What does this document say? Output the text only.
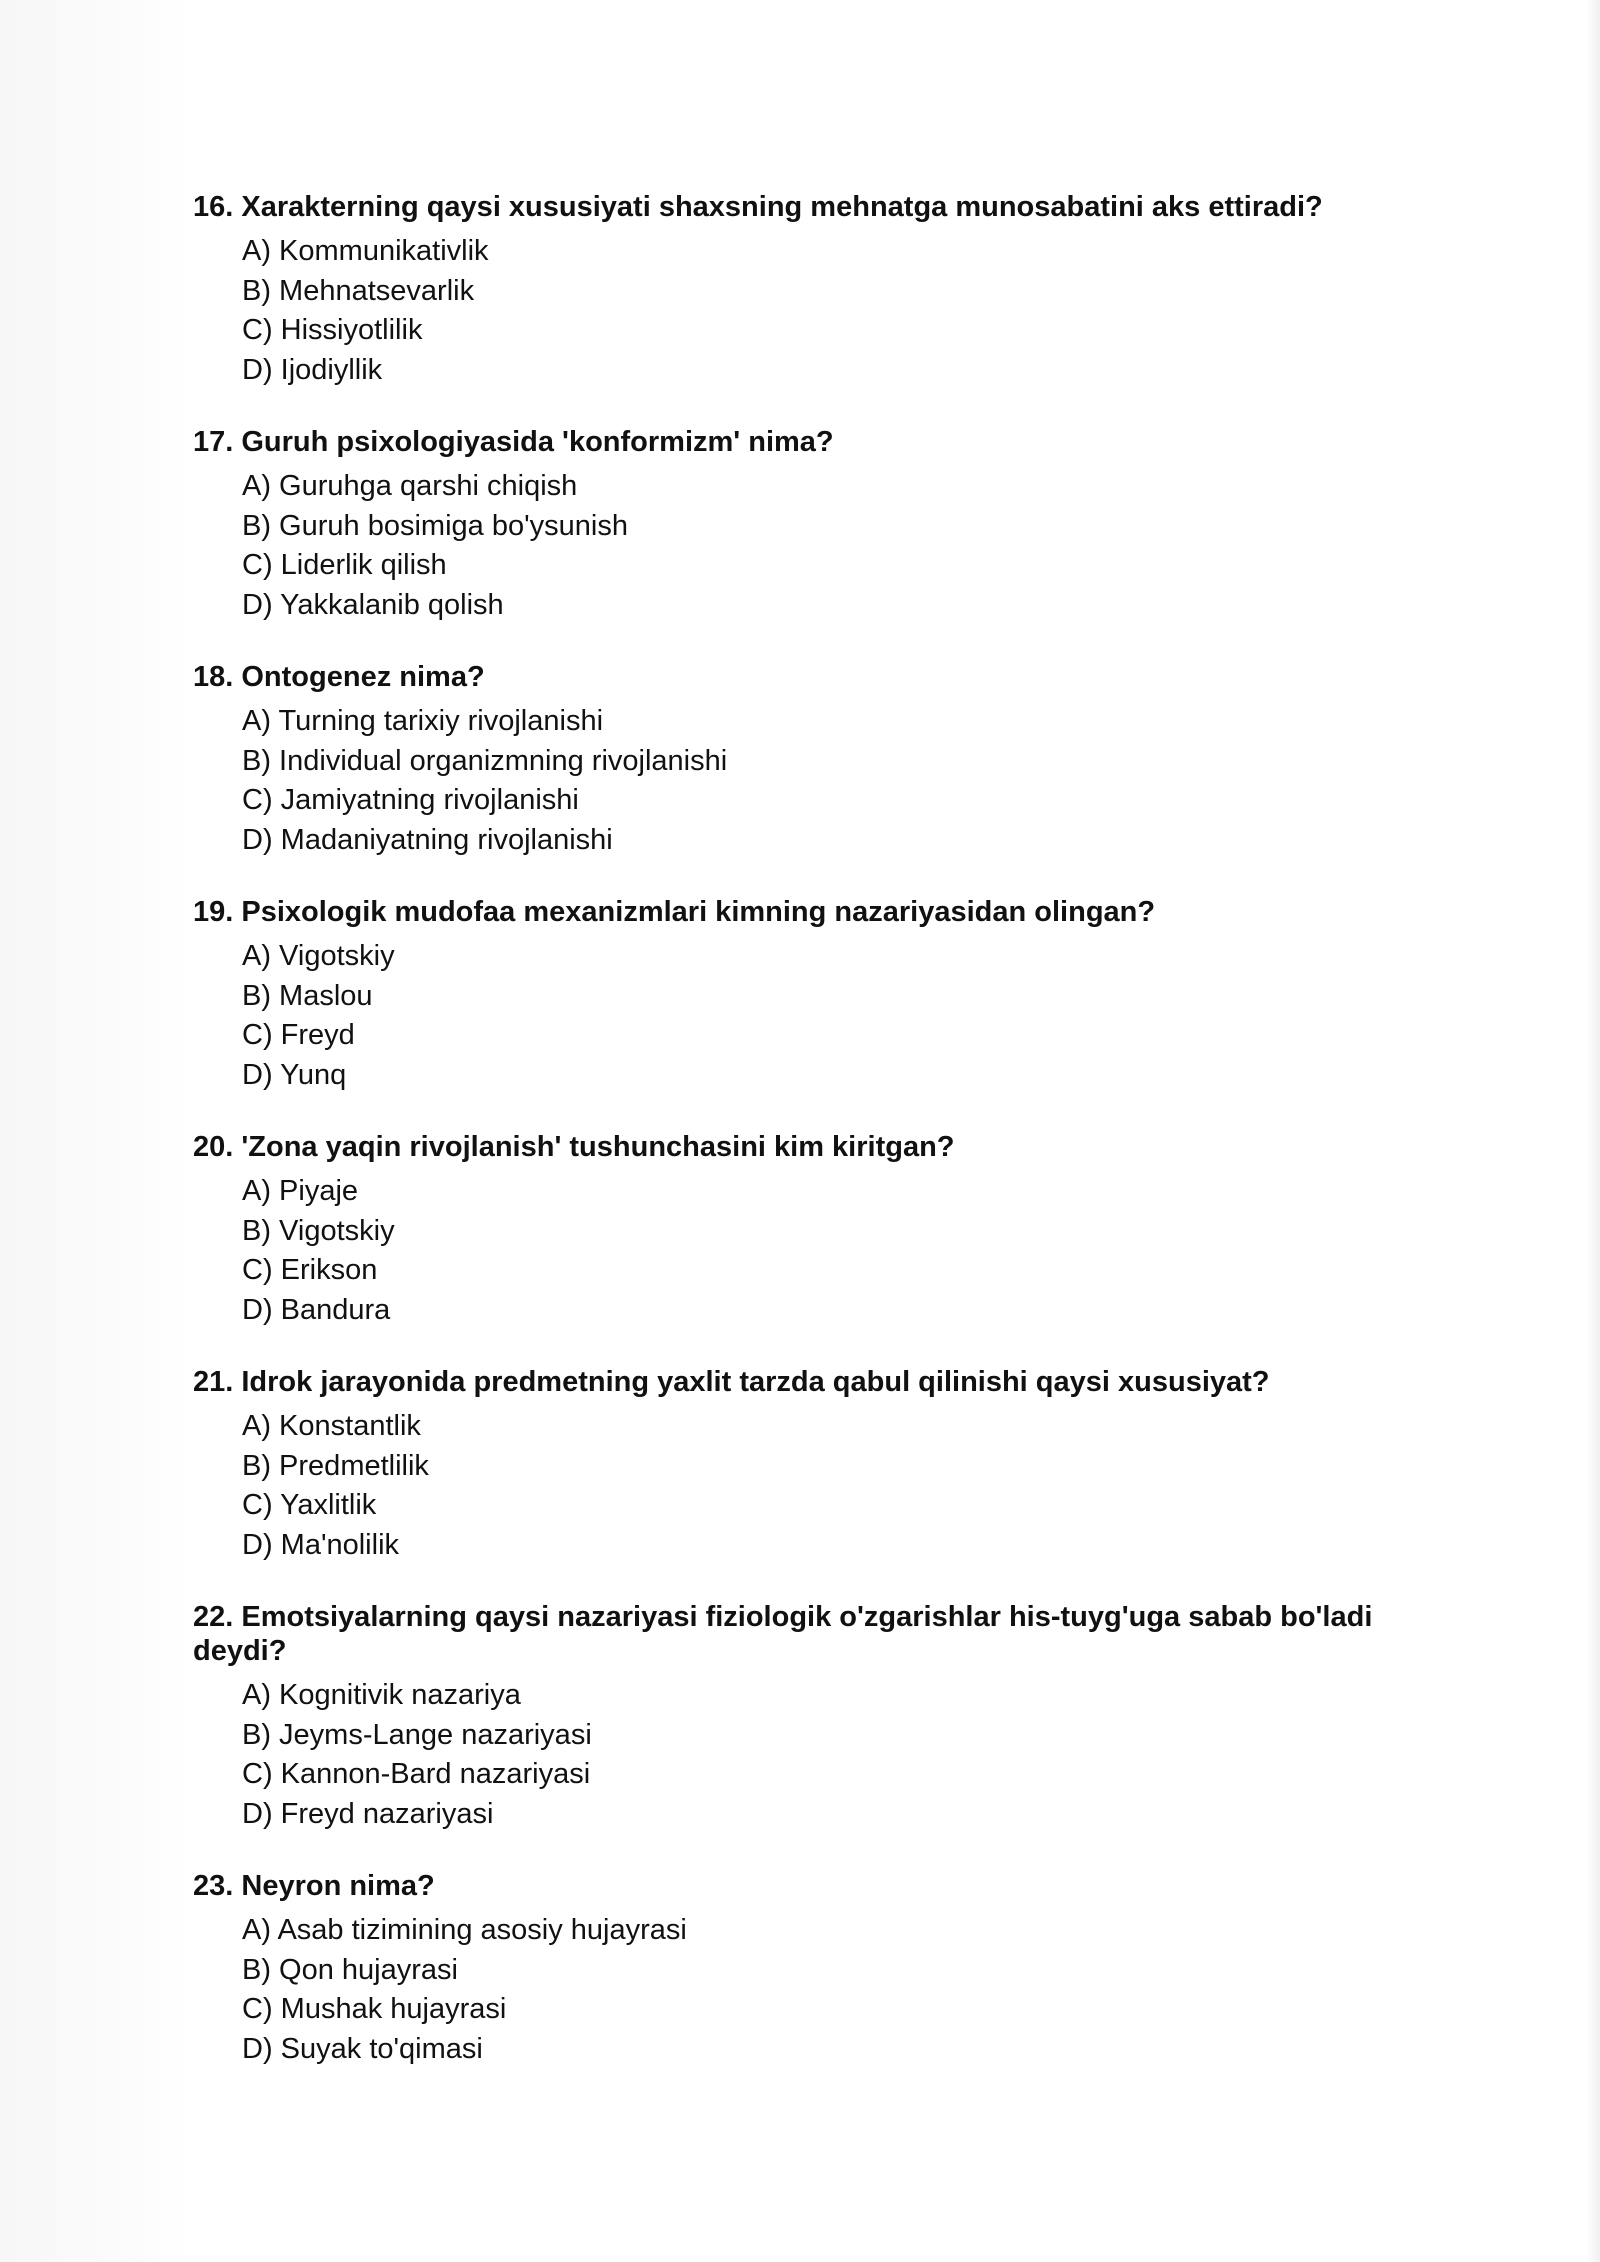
16. Xarakterning qaysi xususiyati shaxsning mehnatga munosabatini aks ettiradi?
A) Kommunikativlik
B) Mehnatsevarlik
C) Hissiyotlilik
D) Ijodiyllik
17. Guruh psixologiyasida 'konformizm' nima?
A) Guruhga qarshi chiqish
B) Guruh bosimiga bo'ysunish
C) Liderlik qilish
D) Yakkalanib qolish
18. Ontogenez nima?
A) Turning tarixiy rivojlanishi
B) Individual organizmning rivojlanishi
C) Jamiyatning rivojlanishi
D) Madaniyatning rivojlanishi
19. Psixologik mudofaa mexanizmlari kimning nazariyasidan olingan?
A) Vigotskiy
B) Maslou
C) Freyd
D) Yunq
20. 'Zona yaqin rivojlanish' tushunchasini kim kiritgan?
A) Piyaje
B) Vigotskiy
C) Erikson
D) Bandura
21. Idrok jarayonida predmetning yaxlit tarzda qabul qilinishi qaysi xususiyat?
A) Konstantlik
B) Predmetlilik
C) Yaxlitlik
D) Ma'nolilik
22. Emotsiyalarning qaysi nazariyasi fiziologik o'zgarishlar his-tuyg'uga sabab bo'ladi deydi?
A) Kognitivik nazariya
B) Jeyms-Lange nazariyasi
C) Kannon-Bard nazariyasi
D) Freyd nazariyasi
23. Neyron nima?
A) Asab tizimining asosiy hujayrasi
B) Qon hujayrasi
C) Mushak hujayrasi
D) Suyak to'qimasi
